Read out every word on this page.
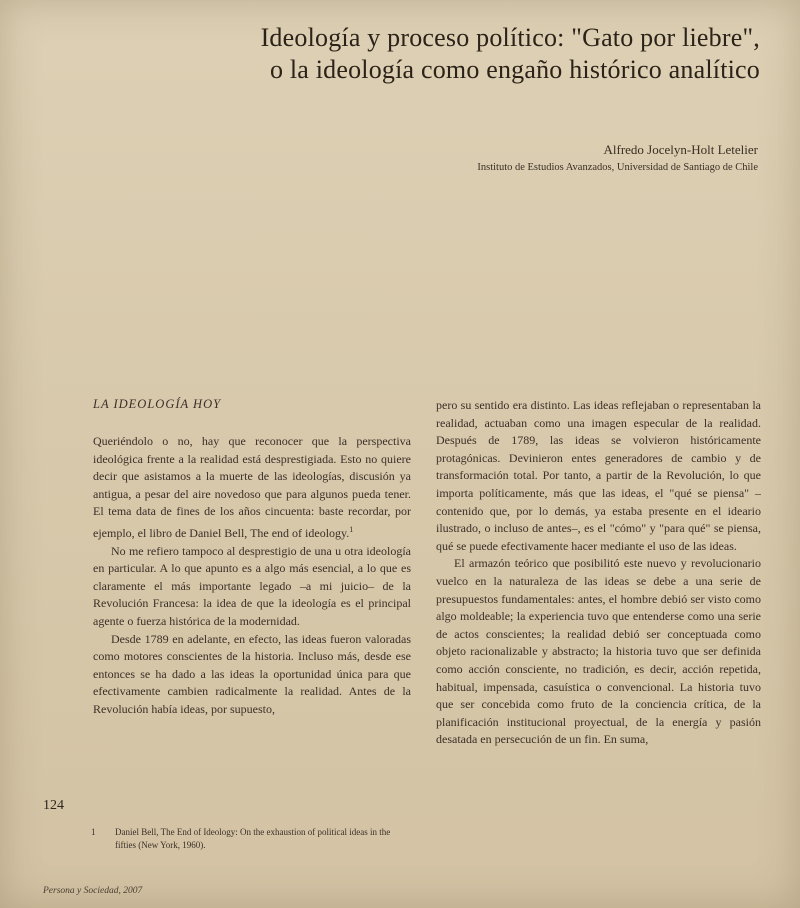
Ideología y proceso político: "Gato por liebre",
o la ideología como engaño histórico analítico
Alfredo Jocelyn-Holt Letelier
Instituto de Estudios Avanzados, Universidad de Santiago de Chile
LA IDEOLOGÍA HOY

Queriéndolo o no, hay que reconocer que la perspectiva ideológica frente a la realidad está desprestigiada. Esto no quiere decir que asistamos a la muerte de las ideologías, discusión ya antigua, a pesar del aire novedoso que para algunos pueda tener. El tema data de fines de los años cincuenta: baste recordar, por ejemplo, el libro de Daniel Bell, The end of ideology.$^1$

No me refiero tampoco al desprestigio de una u otra ideología en particular. A lo que apunto es a algo más esencial, a lo que es claramente el más importante legado –a mi juicio– de la Revolución Francesa: la idea de que la ideología es el principal agente o fuerza histórica de la modernidad.

Desde 1789 en adelante, en efecto, las ideas fueron valoradas como motores conscientes de la historia. Incluso más, desde ese entonces se ha dado a las ideas la oportunidad única para que efectivamente cambien radicalmente la realidad. Antes de la Revolución había ideas, por supuesto,

pero su sentido era distinto. Las ideas reflejaban o representaban la realidad, actuaban como una imagen especular de la realidad. Después de 1789, las ideas se volvieron históricamente protagónicas. Devinieron entes generadores de cambio y de transformación total. Por tanto, a partir de la Revolución, lo que importa políticamente, más que las ideas, el "qué se piensa" –contenido que, por lo demás, ya estaba presente en el ideario ilustrado, o incluso de antes–, es el "cómo" y "para qué" se piensa, qué se puede efectivamente hacer mediante el uso de las ideas.

El armazón teórico que posibilitó este nuevo y revolucionario vuelco en la naturaleza de las ideas se debe a una serie de presupuestos fundamentales: antes, el hombre debió ser visto como algo moldeable; la experiencia tuvo que entenderse como una serie de actos conscientes; la realidad debió ser conceptuada como objeto racionalizable y abstracto; la historia tuvo que ser definida como acción consciente, no tradición, es decir, acción repetida, habitual, impensada, casuística o convencional. La historia tuvo que ser concebida como fruto de la conciencia crítica, de la planificación institucional proyectual, de la energía y pasión desatada en persecución de un fin. En suma,

124
1	Daniel Bell, The End of Ideology: On the exhaustion of political ideas in the fifties (New York, 1960).
Persona y Sociedad, 2007
